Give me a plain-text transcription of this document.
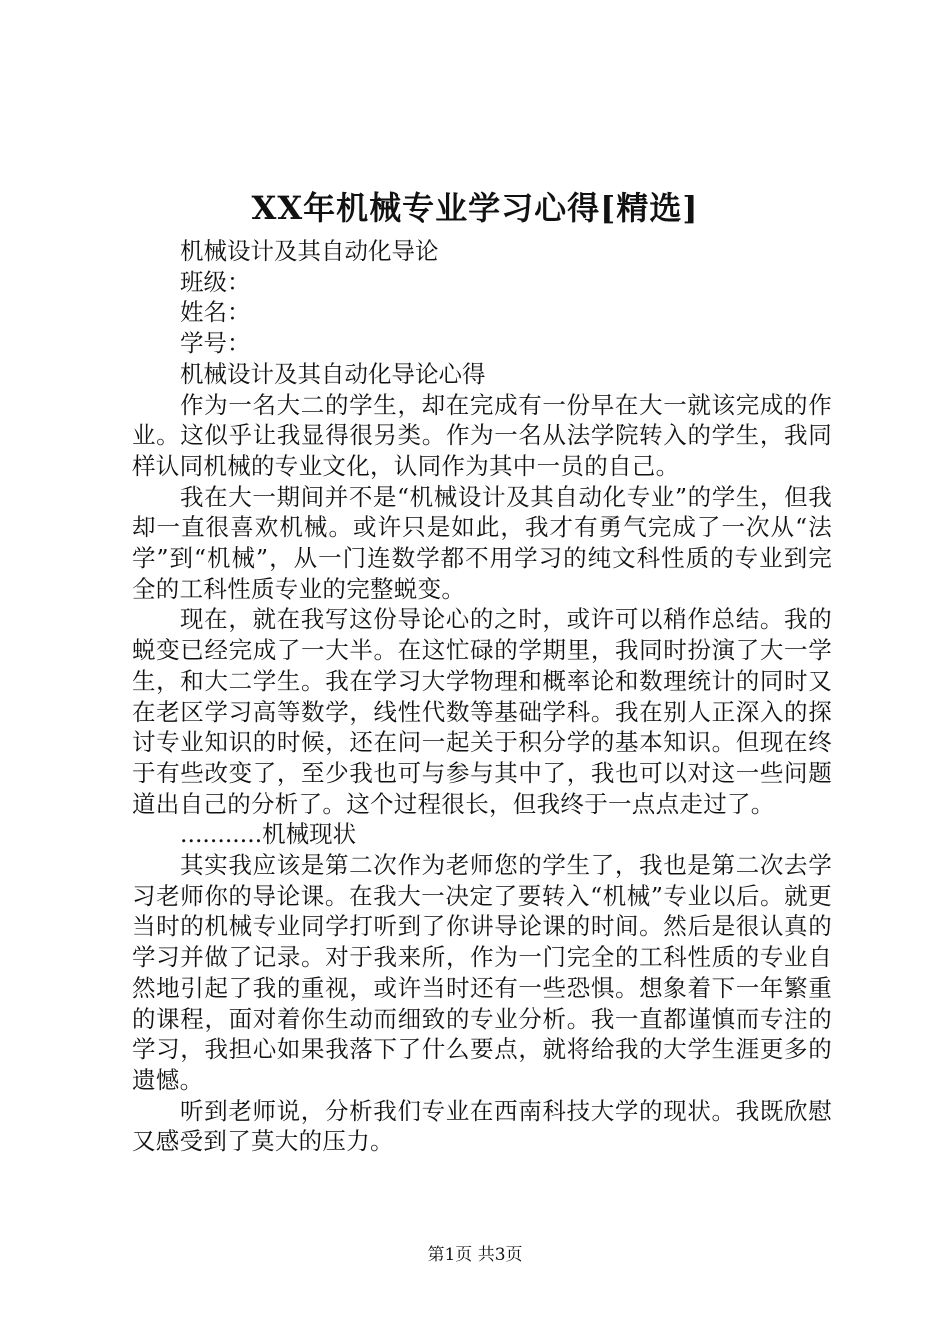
XX年机械专业学习心得[精选]

机械设计及其自动化导论

班级：

姓名：

学号：

机械设计及其自动化导论心得

作为一名大二的学生，却在完成有一份早在大一就该完成的作业。这似乎让我显得很另类。作为一名从法学院转入的学生，我同样认同机械的专业文化，认同作为其中一员的自己。

我在大一期间并不是“机械设计及其自动化专业”的学生，但我却一直很喜欢机械。或许只是如此，我才有勇气完成了一次从“法学”到“机械”，从一门连数学都不用学习的纯文科性质的专业到完全的工科性质专业的完整蜕变。

现在，就在我写这份导论心的之时，或许可以稍作总结。我的蜕变已经完成了一大半。在这忙碌的学期里，我同时扮演了大一学生，和大二学生。我在学习大学物理和概率论和数理统计的同时又在老区学习高等数学，线性代数等基础学科。我在别人正深入的探讨专业知识的时候，还在问一起关于积分学的基本知识。但现在终于有些改变了，至少我也可与参与其中了，我也可以对这一些问题道出自己的分析了。这个过程很长，但我终于一点点走过了。

...........机械现状

其实我应该是第二次作为老师您的学生了，我也是第二次去学习老师你的导论课。在我大一决定了要转入“机械”专业以后。就更当时的机械专业同学打听到了你讲导论课的时间。然后是很认真的学习并做了记录。对于我来所，作为一门完全的工科性质的专业自然地引起了我的重视，或许当时还有一些恐惧。想象着下一年繁重的课程，面对着你生动而细致的专业分析。我一直都谨慎而专注的学习，我担心如果我落下了什么要点，就将给我的大学生涯更多的遗憾。

听到老师说，分析我们专业在西南科技大学的现状。我既欣慰又感受到了莫大的压力。

第1页 共3页
